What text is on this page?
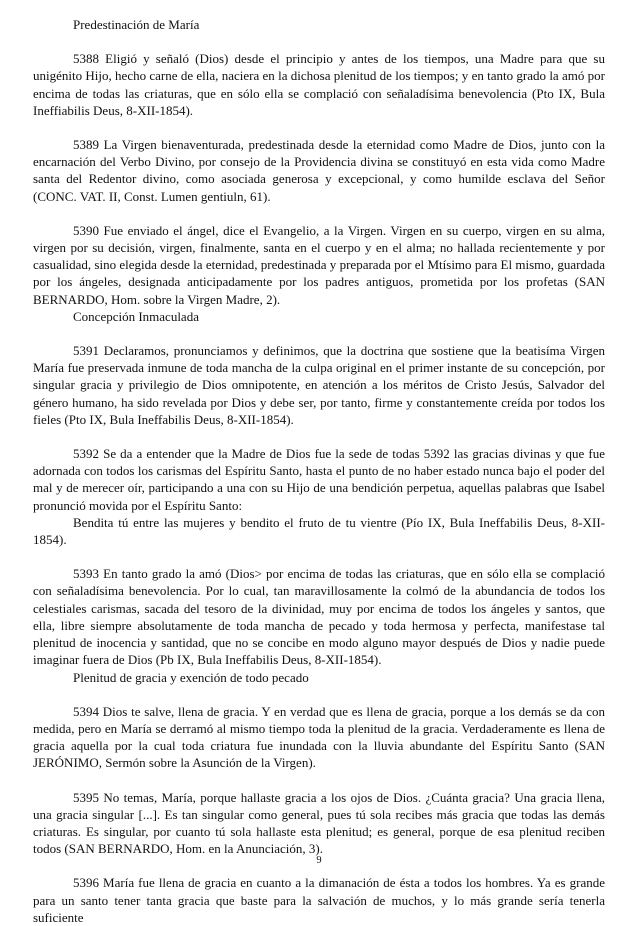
Predestinación de María

5388 Eligió y señaló (Dios) desde el principio y antes de los tiempos, una Madre para que su unigénito Hijo, hecho carne de ella, naciera en la dichosa plenitud de los tiempos; y en tanto grado la amó por encima de todas las criaturas, que en sólo ella se complació con señaladísima benevolencia (Pto IX, Bula Ineffiabilis Deus, 8-XII-1854).

5389 La Virgen bienaventurada, predestinada desde la eternidad como Madre de Dios, junto con la encarnación del Verbo Divino, por consejo de la Providencia divina se constituyó en esta vida como Madre santa del Redentor divino, como asociada generosa y excepcional, y como humilde esclava del Señor (CONC. VAT. II, Const. Lumen gentiuln, 61).

5390 Fue enviado el ángel, dice el Evangelio, a la Virgen. Virgen en su cuerpo, virgen en su alma, virgen por su decisión, virgen, finalmente, santa en el cuerpo y en el alma; no hallada recientemente y por casualidad, sino elegida desde la eternidad, predestinada y preparada por el Mtísimo para El mismo, guardada por los ángeles, designada anticipadamente por los padres antiguos, prometida por los profetas (SAN BERNARDO, Hom. sobre la Virgen Madre, 2).

Concepción Inmaculada

5391 Declaramos, pronunciamos y definimos, que la doctrina que sostiene que la beatisíma Virgen María fue preservada inmune de toda mancha de la culpa original en el primer instante de su concepción, por singular gracia y privilegio de Dios omnipotente, en atención a los méritos de Cristo Jesús, Salvador del género humano, ha sido revelada por Dios y debe ser, por tanto, firme y constantemente creída por todos los fieles (Pto IX, Bula Ineffabilis Deus, 8-XII-1854).

5392 Se da a entender que la Madre de Dios fue la sede de todas 5392 las gracias divinas y que fue adornada con todos los carismas del Espíritu Santo, hasta el punto de no haber estado nunca bajo el poder del mal y de merecer oír, participando a una con su Hijo de una bendición perpetua, aquellas palabras que Isabel pronunció movida por el Espíritu Santo:

Bendita tú entre las mujeres y bendito el fruto de tu vientre (Pío IX, Bula Ineffabilis Deus, 8-XII-1854).

5393 En tanto grado la amó (Dios> por encima de todas las criaturas, que en sólo ella se complació con señaladísima benevolencia. Por lo cual, tan maravillosamente la colmó de la abundancia de todos los celestiales carismas, sacada del tesoro de la divinidad, muy por encima de todos los ángeles y santos, que ella, libre siempre absolutamente de toda mancha de pecado y toda hermosa y perfecta, manifestase tal plenitud de inocencia y santidad, que no se concibe en modo alguno mayor después de Dios y nadie puede imaginar fuera de Dios (Pb IX, Bula Ineffabilis Deus, 8-XII-1854).

Plenitud de gracia y exención de todo pecado

5394 Dios te salve, llena de gracia. Y en verdad que es llena de gracia, porque a los demás se da con medida, pero en María se derramó al mismo tiempo toda la plenitud de la gracia. Verdaderamente es llena de gracia aquella por la cual toda criatura fue inundada con la lluvia abundante del Espíritu Santo (SAN JERÓNIMO, Sermón sobre la Asunción de la Virgen).

5395 No temas, María, porque hallaste gracia a los ojos de Dios. ¿Cuánta gracia? Una gracia llena, una gracia singular [...]. Es tan singular como general, pues tú sola recibes más gracia que todas las demás criaturas. Es singular, por cuanto tú sola hallaste esta plenitud; es general, porque de esa plenitud reciben todos (SAN BERNARDO, Hom. en la Anunciación, 3).

5396 María fue llena de gracia en cuanto a la dimanación de ésta a todos los hombres. Ya es grande para un santo tener tanta gracia que baste para la salvación de muchos, y lo más grande sería tenerla suficiente

9
